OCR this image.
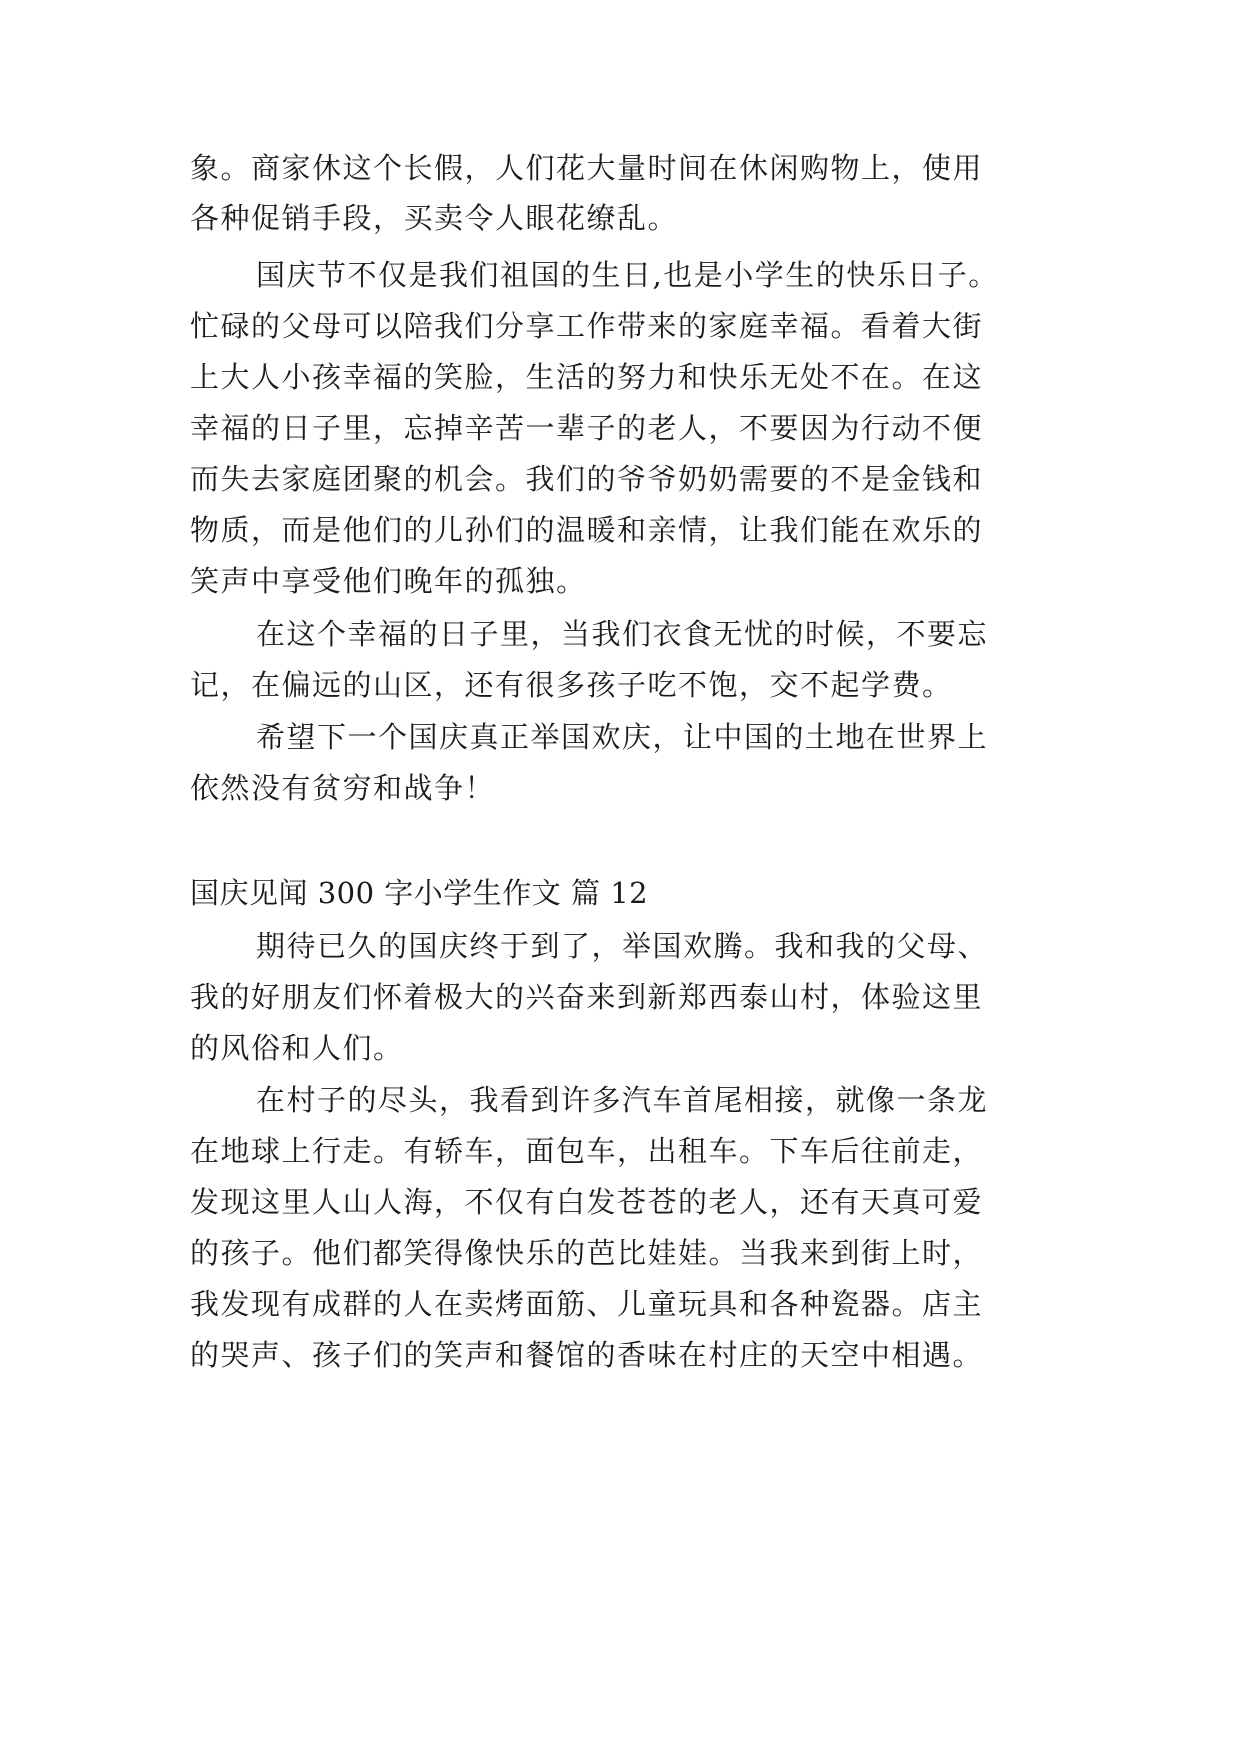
象。商家休这个长假，人们花大量时间在休闲购物上，使用
各种促销手段，买卖令人眼花缭乱。
国庆节不仅是我们祖国的生日,也是小学生的快乐日子。
忙碌的父母可以陪我们分享工作带来的家庭幸福。看着大街
上大人小孩幸福的笑脸，生活的努力和快乐无处不在。在这
幸福的日子里，忘掉辛苦一辈子的老人，不要因为行动不便
而失去家庭团聚的机会。我们的爷爷奶奶需要的不是金钱和
物质，而是他们的儿孙们的温暖和亲情，让我们能在欢乐的
笑声中享受他们晚年的孤独。
在这个幸福的日子里，当我们衣食无忧的时候，不要忘
记，在偏远的山区，还有很多孩子吃不饱，交不起学费。
希望下一个国庆真正举国欢庆，让中国的土地在世界上
依然没有贫穷和战争！
国庆见闻 300 字小学生作文 篇 12
期待已久的国庆终于到了，举国欢腾。我和我的父母、
我的好朋友们怀着极大的兴奋来到新郑西泰山村，体验这里
的风俗和人们。
在村子的尽头，我看到许多汽车首尾相接，就像一条龙
在地球上行走。有轿车，面包车，出租车。下车后往前走，
发现这里人山人海，不仅有白发苍苍的老人，还有天真可爱
的孩子。他们都笑得像快乐的芭比娃娃。当我来到街上时，
我发现有成群的人在卖烤面筋、儿童玩具和各种瓷器。店主
的哭声、孩子们的笑声和餐馆的香味在村庄的天空中相遇。
